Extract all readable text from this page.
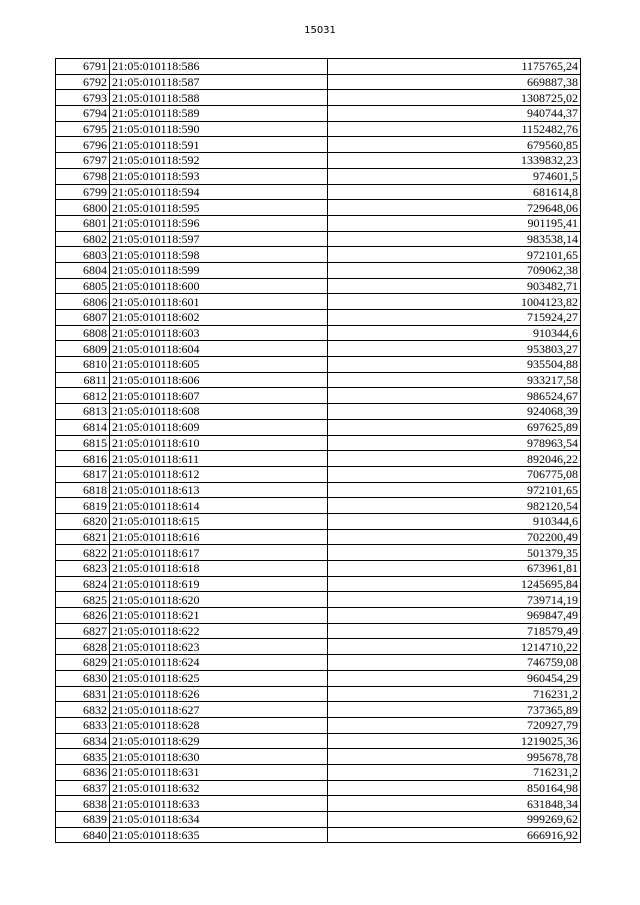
15031
6791	21:05:010118:586	1175765,24
6792	21:05:010118:587	669887,38
6793	21:05:010118:588	1308725,02
6794	21:05:010118:589	940744,37
6795	21:05:010118:590	1152482,76
6796	21:05:010118:591	679560,85
6797	21:05:010118:592	1339832,23
6798	21:05:010118:593	974601,5
6799	21:05:010118:594	681614,8
6800	21:05:010118:595	729648,06
6801	21:05:010118:596	901195,41
6802	21:05:010118:597	983538,14
6803	21:05:010118:598	972101,65
6804	21:05:010118:599	709062,38
6805	21:05:010118:600	903482,71
6806	21:05:010118:601	1004123,82
6807	21:05:010118:602	715924,27
6808	21:05:010118:603	910344,6
6809	21:05:010118:604	953803,27
6810	21:05:010118:605	935504,88
6811	21:05:010118:606	933217,58
6812	21:05:010118:607	986524,67
6813	21:05:010118:608	924068,39
6814	21:05:010118:609	697625,89
6815	21:05:010118:610	978963,54
6816	21:05:010118:611	892046,22
6817	21:05:010118:612	706775,08
6818	21:05:010118:613	972101,65
6819	21:05:010118:614	982120,54
6820	21:05:010118:615	910344,6
6821	21:05:010118:616	702200,49
6822	21:05:010118:617	501379,35
6823	21:05:010118:618	673961,81
6824	21:05:010118:619	1245695,84
6825	21:05:010118:620	739714,19
6826	21:05:010118:621	969847,49
6827	21:05:010118:622	718579,49
6828	21:05:010118:623	1214710,22
6829	21:05:010118:624	746759,08
6830	21:05:010118:625	960454,29
6831	21:05:010118:626	716231,2
6832	21:05:010118:627	737365,89
6833	21:05:010118:628	720927,79
6834	21:05:010118:629	1219025,36
6835	21:05:010118:630	995678,78
6836	21:05:010118:631	716231,2
6837	21:05:010118:632	850164,98
6838	21:05:010118:633	631848,34
6839	21:05:010118:634	999269,62
6840	21:05:010118:635	666916,92
